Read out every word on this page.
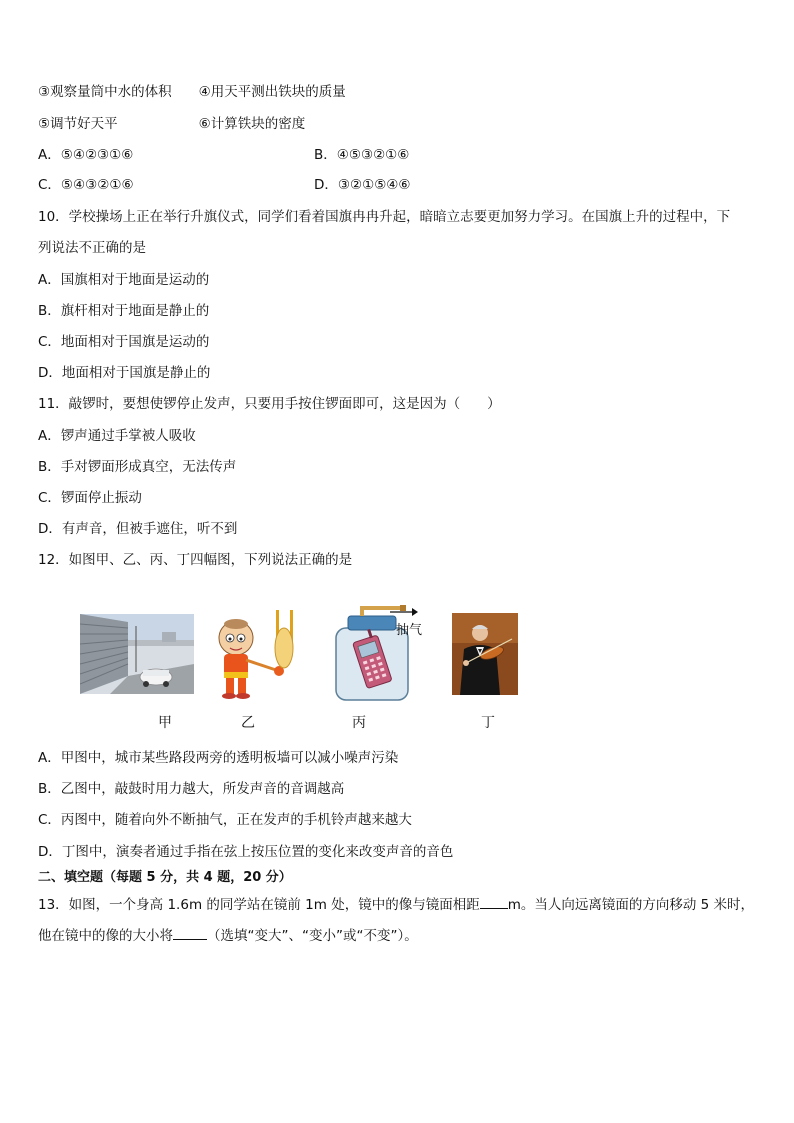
③观察量筒中水的体积　　④用天平测出铁块的质量
⑤调节好天平　　　　　　⑥计算铁块的密度
A．⑤④②③①⑥	B．④⑤③②①⑥
C．⑤④③②①⑥	D．③②①⑤④⑥
10．学校操场上正在举行升旗仪式，同学们看着国旗冉冉升起，暗暗立志要更加努力学习。在国旗上升的过程中，下
列说法不正确的是
A．国旗相对于地面是运动的
B．旗杆相对于地面是静止的
C．地面相对于国旗是运动的
D．地面相对于国旗是静止的
11．敲锣时，要想使锣停止发声，只要用手按住锣面即可，这是因为（　　）
A．锣声通过手掌被人吸收
B．手对锣面形成真空，无法传声
C．锣面停止振动
D．有声音，但被手遮住，听不到
12．如图甲、乙、丙、丁四幅图，下列说法正确的是
甲	乙
抽气
丙	丁
A．甲图中，城市某些路段两旁的透明板墙可以减小噪声污染
B．乙图中，敲鼓时用力越大，所发声音的音调越高
C．丙图中，随着向外不断抽气，正在发声的手机铃声越来越大
D．丁图中，演奏者通过手指在弦上按压位置的变化来改变声音的音色
二、填空题（每题 5 分，共 4 题，20 分）
13．如图，一个身高 1.6m 的同学站在镜前 1m 处，镜中的像与镜面相距 m。当人向远离镜面的方向移动 5 米时，
他在镜中的像的大小将	（选填“变大”、“变小”或“不变”）。
